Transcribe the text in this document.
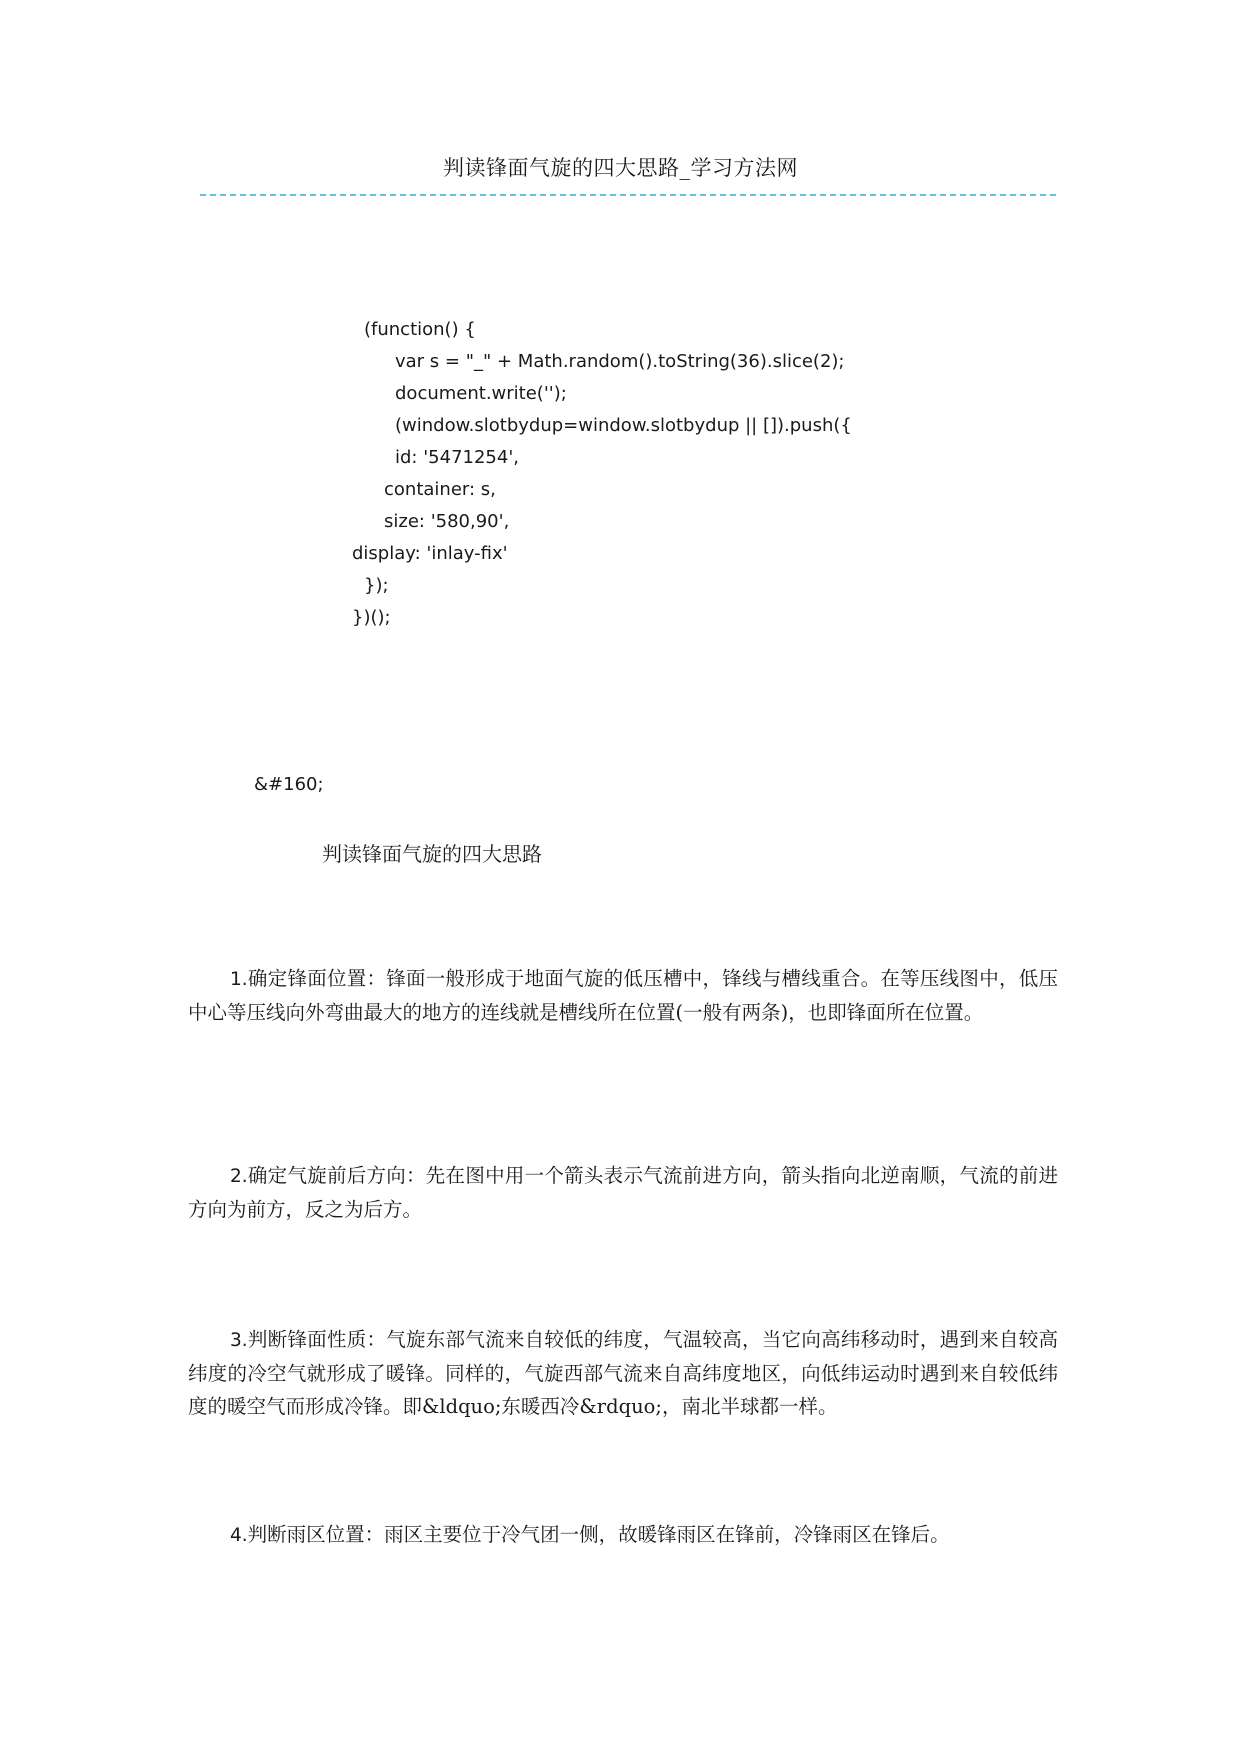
判读锋面气旋的四大思路_学习方法网
(function() {
var s = "_" + Math.random().toString(36).slice(2);
document.write('');
(window.slotbydup=window.slotbydup || []).push({
id: '5471254',
container: s,
size: '580,90',
display: 'inlay-fix'
});
})();
&#160;
判读锋面气旋的四大思路
1.确定锋面位置：锋面一般形成于地面气旋的低压槽中，锋线与槽线重合。在等压线图中，低压中心等压线向外弯曲最大的地方的连线就是槽线所在位置(一般有两条)，也即锋面所在位置。
2.确定气旋前后方向：先在图中用一个箭头表示气流前进方向，箭头指向北逆南顺，气流的前进方向为前方，反之为后方。
3.判断锋面性质：气旋东部气流来自较低的纬度，气温较高，当它向高纬移动时，遇到来自较高纬度的冷空气就形成了暖锋。同样的，气旋西部气流来自高纬度地区，向低纬运动时遇到来自较低纬度的暖空气而形成冷锋。即&ldquo;东暖西冷&rdquo;，南北半球都一样。
4.判断雨区位置：雨区主要位于冷气团一侧，故暖锋雨区在锋前，冷锋雨区在锋后。
